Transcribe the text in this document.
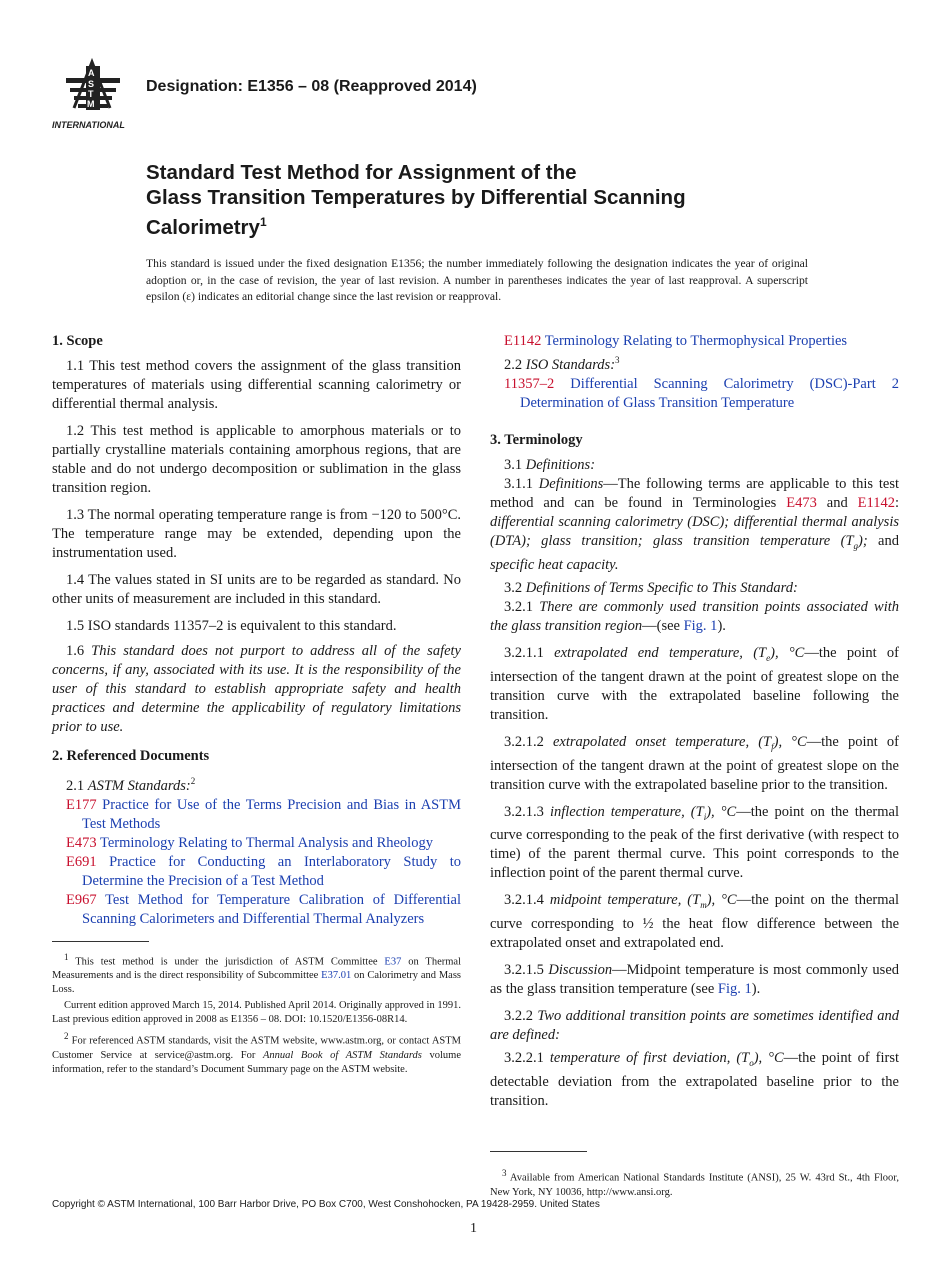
A
S
T
M
INTERNATIONAL
Designation: E1356 – 08 (Reapproved 2014)
Standard Test Method for Assignment of the
Glass Transition Temperatures by Differential Scanning
Calorimetry$^1$
This standard is issued under the fixed designation E1356; the number immediately following the designation indicates the year of original adoption or, in the case of revision, the year of last revision. A number in parentheses indicates the year of last reapproval. A superscript epsilon (ε) indicates an editorial change since the last revision or reapproval.
1. Scope

1.1 This test method covers the assignment of the glass transition temperatures of materials using differential scanning calorimetry or differential thermal analysis.

1.2 This test method is applicable to amorphous materials or to partially crystalline materials containing amorphous regions, that are stable and do not undergo decomposition or sublimation in the glass transition region.

1.3 The normal operating temperature range is from −120 to 500°C. The temperature range may be extended, depending upon the instrumentation used.

1.4 The values stated in SI units are to be regarded as standard. No other units of measurement are included in this standard.

1.5 ISO standards 11357–2 is equivalent to this standard.

1.6 This standard does not purport to address all of the safety concerns, if any, associated with its use. It is the responsibility of the user of this standard to establish appropriate safety and health practices and determine the applicability of regulatory limitations prior to use.

2. Referenced Documents
2.1 ASTM Standards:$^2$
E177 Practice for Use of the Terms Precision and Bias in ASTM Test Methods
E473 Terminology Relating to Thermal Analysis and Rheology
E691 Practice for Conducting an Interlaboratory Study to Determine the Precision of a Test Method
E967 Test Method for Temperature Calibration of Differential Scanning Calorimeters and Differential Thermal Analyzers

$^1$ This test method is under the jurisdiction of ASTM Committee E37 on Thermal Measurements and is the direct responsibility of Subcommittee E37.01 on Calorimetry and Mass Loss.

Current edition approved March 15, 2014. Published April 2014. Originally approved in 1991. Last previous edition approved in 2008 as E1356 – 08. DOI: 10.1520/E1356-08R14.

$^2$ For referenced ASTM standards, visit the ASTM website, www.astm.org, or contact ASTM Customer Service at service@astm.org. For Annual Book of ASTM Standards volume information, refer to the standard’s Document Summary page on the ASTM website.

E1142 Terminology Relating to Thermophysical Properties
2.2 ISO Standards:$^3$
11357–2 Differential Scanning Calorimetry (DSC)-Part 2 Determination of Glass Transition Temperature
3. Terminology
3.1 Definitions:

3.1.1 Definitions—The following terms are applicable to this test method and can be found in Terminologies E473 and E1142: differential scanning calorimetry (DSC); differential thermal analysis (DTA); glass transition; glass transition temperature $(T_g)$; and specific heat capacity.

3.2 Definitions of Terms Specific to This Standard:

3.2.1 There are commonly used transition points associated with the glass transition region—(see Fig. 1).

3.2.1.1 extrapolated end temperature, $(T_e)$, °C—the point of intersection of the tangent drawn at the point of greatest slope on the transition curve with the extrapolated baseline following the transition.

3.2.1.2 extrapolated onset temperature, $(T_f)$, °C—the point of intersection of the tangent drawn at the point of greatest slope on the transition curve with the extrapolated baseline prior to the transition.

3.2.1.3 inflection temperature, $(T_i)$, °C—the point on the thermal curve corresponding to the peak of the first derivative (with respect to time) of the parent thermal curve. This point corresponds to the inflection point of the parent thermal curve.

3.2.1.4 midpoint temperature, $(T_m)$, °C—the point on the thermal curve corresponding to ½ the heat flow difference between the extrapolated onset and extrapolated end.

3.2.1.5 Discussion—Midpoint temperature is most commonly used as the glass transition temperature (see Fig. 1).

3.2.2 Two additional transition points are sometimes identified and are defined:

3.2.2.1 temperature of first deviation, $(T_o)$, °C—the point of first detectable deviation from the extrapolated baseline prior to the transition.

$^3$ Available from American National Standards Institute (ANSI), 25 W. 43rd St., 4th Floor, New York, NY 10036, http://www.ansi.org.

Copyright © ASTM International, 100 Barr Harbor Drive, PO Box C700, West Conshohocken, PA 19428-2959. United States
1
